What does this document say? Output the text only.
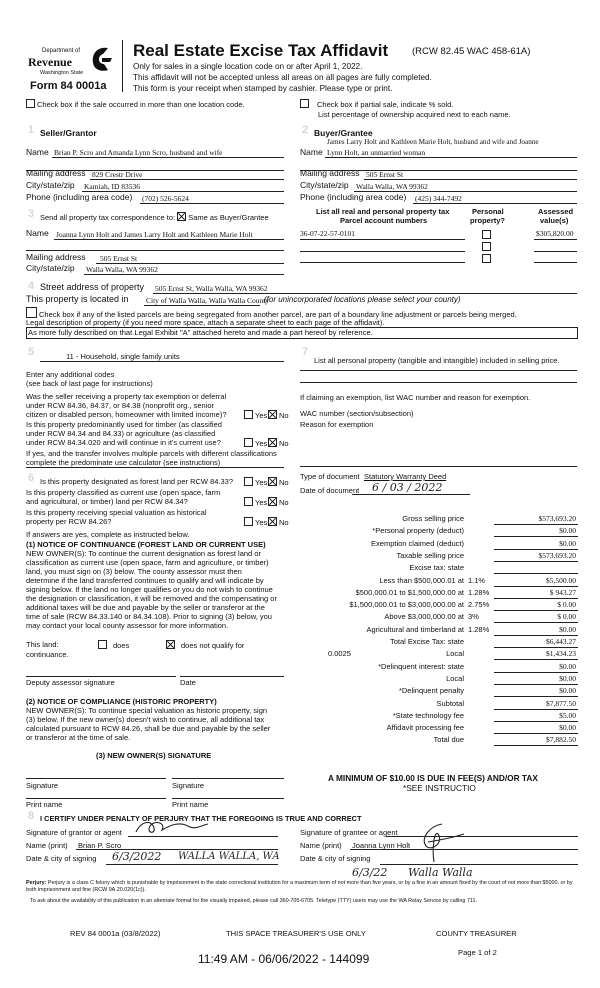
Department of
Revenue
Washington State
Form 84 0001a
Real Estate Excise Tax Affidavit	(RCW 82.45 WAC 458-61A)
Only for sales in a single location code on or after April 1, 2022.
This affidavit will not be accepted unless all areas on all pages are fully completed.
This form is your receipt when stamped by cashier. Please type or print.
Check box if the sale occurred in more than one location code.	Check box if partial sale, indicate % sold.
List percentage of ownership acquired next to each name.
1 Seller/Grantor
Name Brian P. Scro and Amanda Lynn Scro, husband and wife
Mailing address 829 Crestr Drive
City/state/zip Kamiah, ID 83536
Phone (including area code) (702) 526-5624
2 Buyer/Grantee
James Larry Holt and Kathleen Marie Holt, husband and wife and Joanne
Name Lynn Holt, an unmarried woman
Mailing address 505 Ernst St
City/state/zip Walla Walla, WA 99362
Phone (including area code) (425) 344-7492
3 Send all property tax correspondence to: Same as Buyer/Grantee
Name Joanna Lynn Holt and James Larry Holt and Kathleen Marie Holt
Mailing address 505 Ernst St
City/state/zip Walla Walla, WA 99362
List all real and personal property tax
Parcel account numbers
Personal
property?
Assessed
value(s)
36-07-22-57-0101	$305,820.00
4 Street address of property 505 Ernst St, Walla Walla, WA 99362
This property is located in City of Walla Walla, Walla Walla County
(for unincorporated locations please select your county)
Check box if any of the listed parcels are being segregated from another parcel, are part of a boundary line adjustment or parcels being merged.
Legal description of property (if you need more space, attach a separate sheet to each page of the affidavit).
As more fully described on that Legal Exhibit "A" attached hereto and made a part hereof by reference.
5	11 - Household, single family units
Enter any additional codes
(see back of last page for instructions)
Was the seller receiving a property tax exemption or deferral
under RCW 84.36, 84.37, or 84.38 (nonprofit org., senior
citizen or disabled person, homeowner with limited income)?	Yes	No
Is this property predominantly used for timber (as classified
under RCW 84.34 and 84.33) or agriculture (as classified
under RCW 84.34.020 and will continue in it's current use?	Yes	No
If yes, and the transfer involves multiple parcels with different classifications
complete the predominate use calculator (see instructions)
6 Is this property designated as forest land per RCW 84.33?	Yes	No
Is this property classified as current use (open space, farm
and agricultural, or timber) land per RCW 84.34?	Yes	No
Is this property receiving special valuation as historical
property per RCW 84.26?	Yes	No
If answers are yes, complete as instructed below.
(1) NOTICE OF CONTINUANCE (FOREST LAND OR CURRENT USE)
NEW OWNER(S): To continue the current designation as forest land or
classification as current use (open space, farm and agriculture, or timber)
land, you must sign on (3) below. The county assessor must then
determine if the land transferred continues to qualify and will indicate by
signing below. If the land no longer qualifies or you do not wish to continue
the designation or classification, it will be removed and the compensating or
additional taxes will be due and payable by the seller or transferor at the
time of sale (RCW 84.33.140 or 84.34.108). Prior to signing (3) below, you
may contact your local county assessor for more information.
This land:
continuance.
does	does not qualify for
Deputy assessor signature	Date
(2) NOTICE OF COMPLIANCE (HISTORIC PROPERTY)
NEW OWNER(S): To continue special valuation as historic property, sign
(3) below. If the new owner(s) doesn't wish to continue, all additional tax
calculated pursuant to RCW 84.26, shall be due and payable by the seller
or transferor at the time of sale.
(3) NEW OWNER(S) SIGNATURE
Signature	Signature
Print name	Print name
7
List all personal property (tangible and intangible) included in selling price.
If claiming an exemption, list WAC number and reason for exemption.
WAC number (section/subsection)
Reason for exemption
Type of document Statutory Warranty Deed
Date of document 6 / 03 / 2022
Gross selling price	$573,693.20
*Personal property (deduct)	$0.00
Exemption claimed (deduct)	$0.00
Taxable selling price	$573,693.20
Excise tax: state
Less than $500,000.01 at 1.1%	$5,500.00
$500,000.01 to $1,500,000.00 at 1.28%	$ 943.27
$1,500,000.01 to $3,000,000.00 at 2.75%	$ 0.00
Above $3,000,000.00 at 3%	$ 0.00
Agricultural and timberland at 1.28%	$0.00
Total Excise Tax: state	$6,443.27
Local
0.0025	$1,434.23
*Delinquent interest: state	$0.00
Local	$0.00
*Delinquent penalty	$0.00
Subtotal	$7,877.50
*State technology fee	$5.00
Affidavit processing fee	$0.00
Total due	$7,882.50
A MINIMUM OF $10.00 IS DUE IN FEE(S) AND/OR TAX
*SEE INSTRUCTIO
8 I CERTIFY UNDER PENALTY OF PERJURY THAT THE FOREGOING IS TRUE AND CORRECT
Signature of grantor or agent
Name (print) Brian P. Scro
Date & city of signing 6/3/2022 WALLA WALLA, WA
Signature of grantee or agent
Name (print) Joanna Lynn Holt
Date & city of signing
6/3/22 Walla Walla
Perjury: Perjury is a class C felony which is punishable by imprisonment in the state correctional institution for a maximum term of not more than five years, or by a fine in an amount fixed by the court of not more than $5000, or by both imprisonment and fine (RCW 9A.20.020(1c)).
To ask about the availability of this publication in an alternate format for the visually impaired, please call 360-705-6705. Teletype (TTY) users may use the WA Relay Service by calling 711.
REV 84 0001a (03/8/2022)	THIS SPACE TREASURER'S USE ONLY	COUNTY TREASURER
Page 1 of 2
11:49 AM - 06/06/2022 - 144099
